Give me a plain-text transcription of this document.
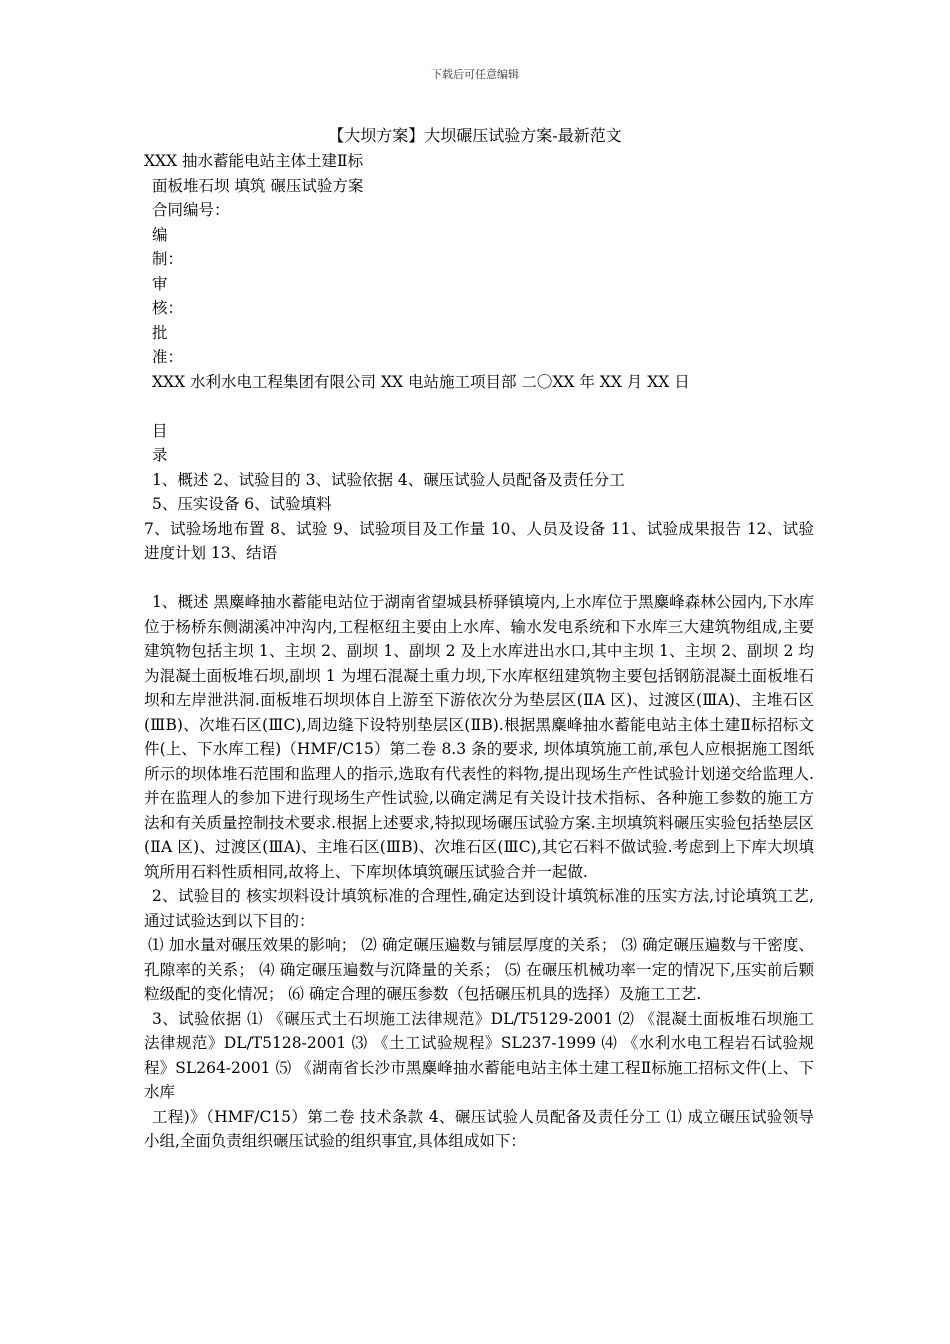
下载后可任意编辑
【大坝方案】大坝碾压试验方案-最新范文

XXX 抽水蓄能电站主体土建Ⅱ标

面板堆石坝 填筑 碾压试验方案

合同编号：

编

制：

审

核：

批

准：

XXX 水利水电工程集团有限公司 XX 电站施工项目部 二〇XX 年 XX 月 XX 日

目

录

1、概述 2、试验目的 3、试验依据 4、碾压试验人员配备及责任分工

5、压实设备 6、试验填料

7、试验场地布置 8、试验 9、试验项目及工作量 10、人员及设备 11、试验成果报告 12、试验进度计划 13、结语

1、概述 黑麋峰抽水蓄能电站位于湖南省望城县桥驿镇境内,上水库位于黑麋峰森林公园内,下水库位于杨桥东侧湖溪冲冲沟内,工程枢纽主要由上水库、输水发电系统和下水库三大建筑物组成,主要建筑物包括主坝 1、主坝 2、副坝 1、副坝 2 及上水库进出水口,其中主坝 1、主坝 2、副坝 2 均为混凝土面板堆石坝,副坝 1 为埋石混凝土重力坝,下水库枢纽建筑物主要包括钢筋混凝土面板堆石坝和左岸泄洪洞.面板堆石坝坝体自上游至下游依次分为垫层区(ⅡA 区)、过渡区(ⅢA)、主堆石区(ⅢB)、次堆石区(ⅢC),周边缝下设特别垫层区(ⅡB).根据黑麋峰抽水蓄能电站主体土建Ⅱ标招标文件(上、下水库工程)（HMF/C15）第二卷 8.3 条的要求, 坝体填筑施工前,承包人应根据施工图纸所示的坝体堆石范围和监理人的指示,选取有代表性的料物,提出现场生产性试验计划递交给监理人.并在监理人的参加下进行现场生产性试验,以确定满足有关设计技术指标、各种施工参数的施工方法和有关质量控制技术要求.根据上述要求,特拟现场碾压试验方案.主坝填筑料碾压实验包括垫层区(ⅡA 区)、过渡区(ⅢA)、主堆石区(ⅢB)、次堆石区(ⅢC),其它石料不做试验.考虑到上下库大坝填筑所用石料性质相同,故将上、下库坝体填筑碾压试验合并一起做.

2、试验目的 核实坝料设计填筑标准的合理性,确定达到设计填筑标准的压实方法,讨论填筑工艺,通过试验达到以下目的：

⑴ 加水量对碾压效果的影响； ⑵ 确定碾压遍数与铺层厚度的关系； ⑶ 确定碾压遍数与干密度、孔隙率的关系； ⑷ 确定碾压遍数与沉降量的关系； ⑸ 在碾压机械功率一定的情况下,压实前后颗粒级配的变化情况； ⑹ 确定合理的碾压参数（包括碾压机具的选择）及施工工艺.

3、试验依据 ⑴ 《碾压式土石坝施工法律规范》DL/T5129-2001 ⑵ 《混凝土面板堆石坝施工法律规范》DL/T5128-2001 ⑶ 《土工试验规程》SL237-1999 ⑷ 《水利水电工程岩石试验规程》SL264-2001 ⑸ 《湖南省长沙市黑麋峰抽水蓄能电站主体土建工程Ⅱ标施工招标文件(上、下水库

工程)》（HMF/C15）第二卷 技术条款 4、碾压试验人员配备及责任分工 ⑴ 成立碾压试验领导小组,全面负责组织碾压试验的组织事宜,具体组成如下：
